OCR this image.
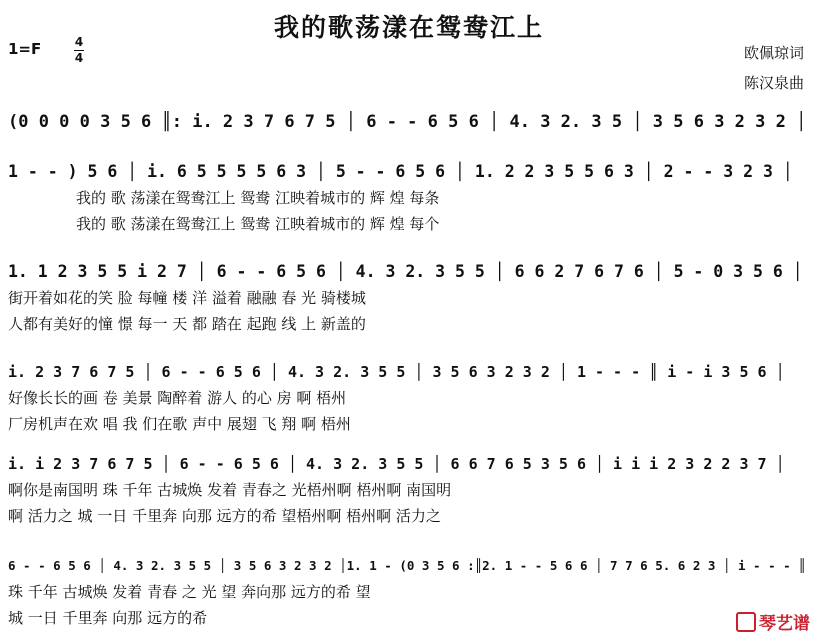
我的歌荡漾在鸳鸯江上
1=F	4
4	欧佩琼词
陈汉泉曲
(0 0 0 0 3 5 6 ║: i. 2 3 7 6 7 5 │ 6 - - 6 5 6 │ 4. 3 2. 3 5 │ 3 5 6 3 2 3 2 │
1 - - ) 5 6 │ i. 6 5 5 5 5 6 3 │ 5 - - 6 5 6 │ 1. 2 2 3 5 5 6 3 │ 2 - - 3 2 3 │
我的 歌 荡漾在鸳鸯江上 鸳鸯 江映着城市的 辉 煌 每条
我的 歌 荡漾在鸳鸯江上 鸳鸯 江映着城市的 辉 煌 每个
1. 1 2 3 5 5 i 2 7 │ 6 - - 6 5 6 │ 4. 3 2. 3 5 5 │ 6 6 2 7 6 7 6 │ 5 - 0 3 5 6 │
街开着如花的笑 脸 每幢 楼 洋 溢着 融融 春 光 骑楼城
人都有美好的憧 憬 每一 天 都 踏在 起跑 线 上 新盖的
i. 2 3 7 6 7 5 │ 6 - - 6 5 6 │ 4. 3 2. 3 5 5 │ 3 5 6 3 2 3 2 │ 1 - - - ║ i - i 3 5 6 │
好像长长的画 卷 美景 陶醉着 游人 的心 房 啊 梧州
厂房机声在欢 唱 我 们在歌 声中 展翅 飞 翔 啊 梧州
i. i 2 3 7 6 7 5 │ 6 - - 6 5 6 │ 4. 3 2. 3 5 5 │ 6 6 7 6 5 3 5 6 │ i i i 2 3 2 2 3 7 │
啊你是南国明 珠 千年 古城焕 发着 青春之 光梧州啊 梧州啊 南国明
啊 活力之 城 一日 千里奔 向那 远方的希 望梧州啊 梧州啊 活力之
6 - - 6 5 6 │ 4. 3 2. 3 5 5 │ 3 5 6 3 2 3 2 │1. 1 - (0 3 5 6 :║2. 1 - - 5 6 6 │ 7 7 6 5. 6 2 3 │ i - - - ║
珠 千年 古城焕 发着 青春 之 光 望 奔向那 远方的希 望
城 一日 千里奔 向那 远方的希	琴艺谱
